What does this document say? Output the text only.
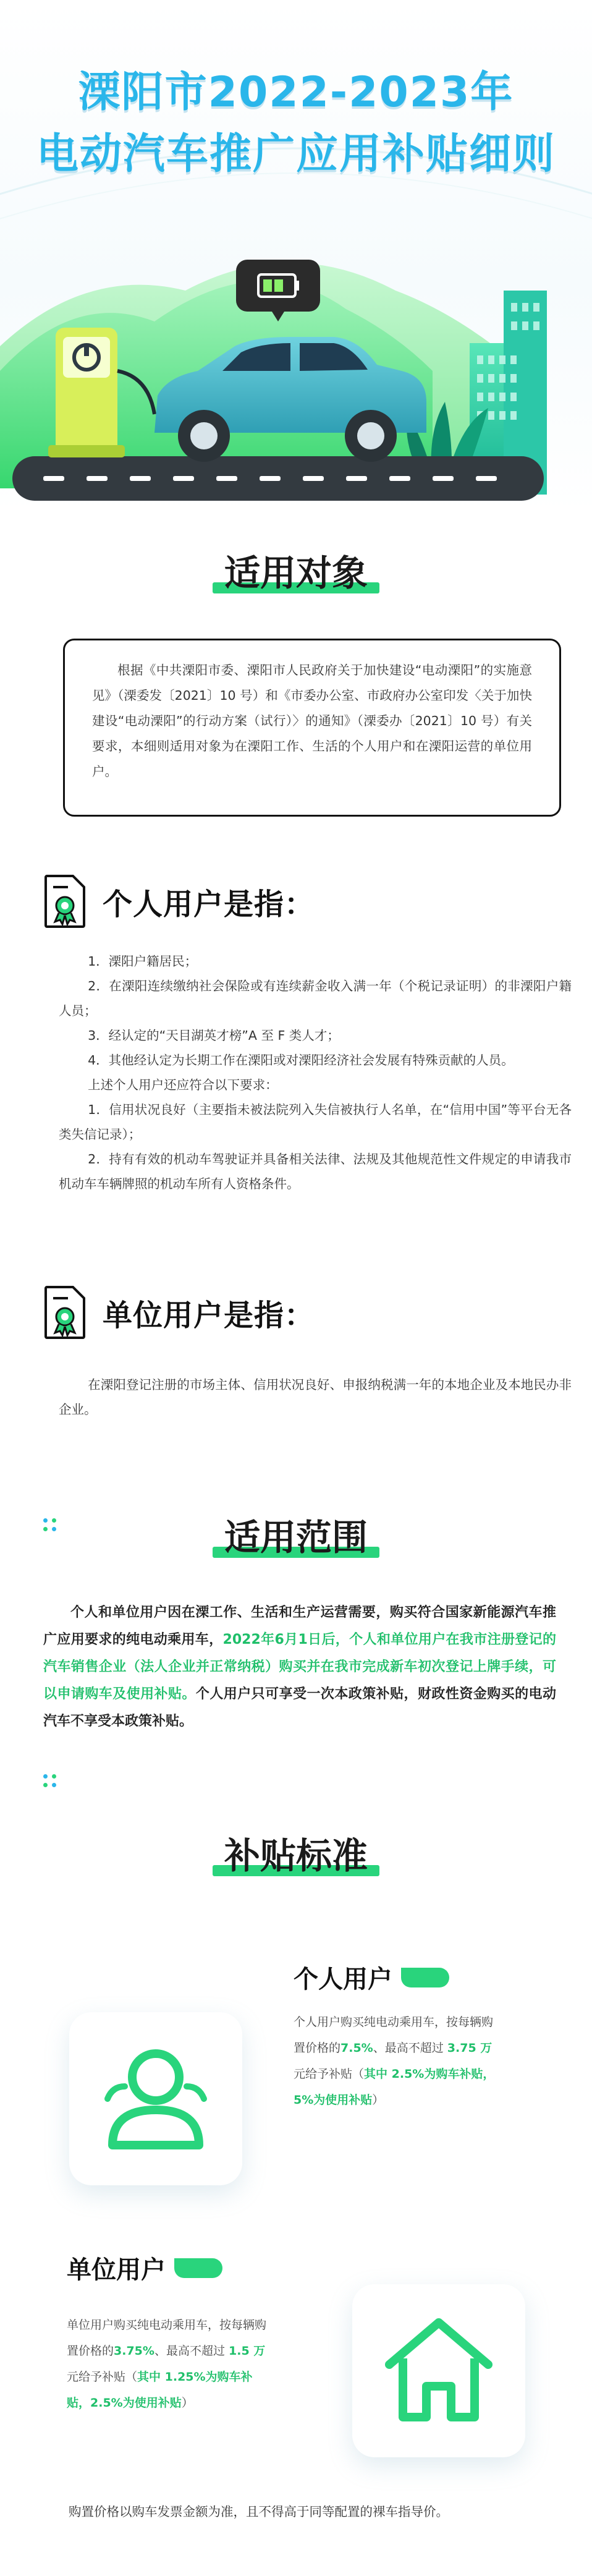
溧阳市2022-2023年
电动汽车推广应用补贴细则
适用对象

根据《中共溧阳市委、溧阳市人民政府关于加快建设“电动溧阳”的实施意见》（溧委发〔2021〕10 号）和《市委办公室、市政府办公室印发〈关于加快建设“电动溧阳”的行动方案（试行）〉的通知》（溧委办〔2021〕10 号）有关要求，本细则适用对象为在溧阳工作、生活的个人用户和在溧阳运营的单位用户。

个人用户是指：

1．溧阳户籍居民；

2．在溧阳连续缴纳社会保险或有连续薪金收入满一年（个税记录证明）的非溧阳户籍人员；

3．经认定的“天目湖英才榜”A 至 F 类人才；

4．其他经认定为长期工作在溧阳或对溧阳经济社会发展有特殊贡献的人员。

上述个人用户还应符合以下要求：

1．信用状况良好（主要指未被法院列入失信被执行人名单，在“信用中国”等平台无各类失信记录）；

2．持有有效的机动车驾驶证并具备相关法律、法规及其他规范性文件规定的申请我市机动车车辆牌照的机动车所有人资格条件。

单位用户是指：

在溧阳登记注册的市场主体、信用状况良好、申报纳税满一年的本地企业及本地民办非企业。

适用范围

个人和单位用户因在溧工作、生活和生产运营需要，购买符合国家新能源汽车推广应用要求的纯电动乘用车，2022年6月1日后，个人和单位用户在我市注册登记的汽车销售企业（法人企业并正常纳税）购买并在我市完成新车初次登记上牌手续，可以申请购车及使用补贴。个人用户只可享受一次本政策补贴，财政性资金购买的电动汽车不享受本政策补贴。

补贴标准
个人用户
个人用户购买纯电动乘用车，按每辆购
置价格的7.5%、最高不超过 3.75 万
元给予补贴（其中 2.5%为购车补贴，
5%为使用补贴）
单位用户
单位用户购买纯电动乘用车，按每辆购
置价格的3.75%、最高不超过 1.5 万
元给予补贴（其中 1.25%为购车补
贴，2.5%为使用补贴）

购置价格以购车发票金额为准，且不得高于同等配置的裸车指导价。
